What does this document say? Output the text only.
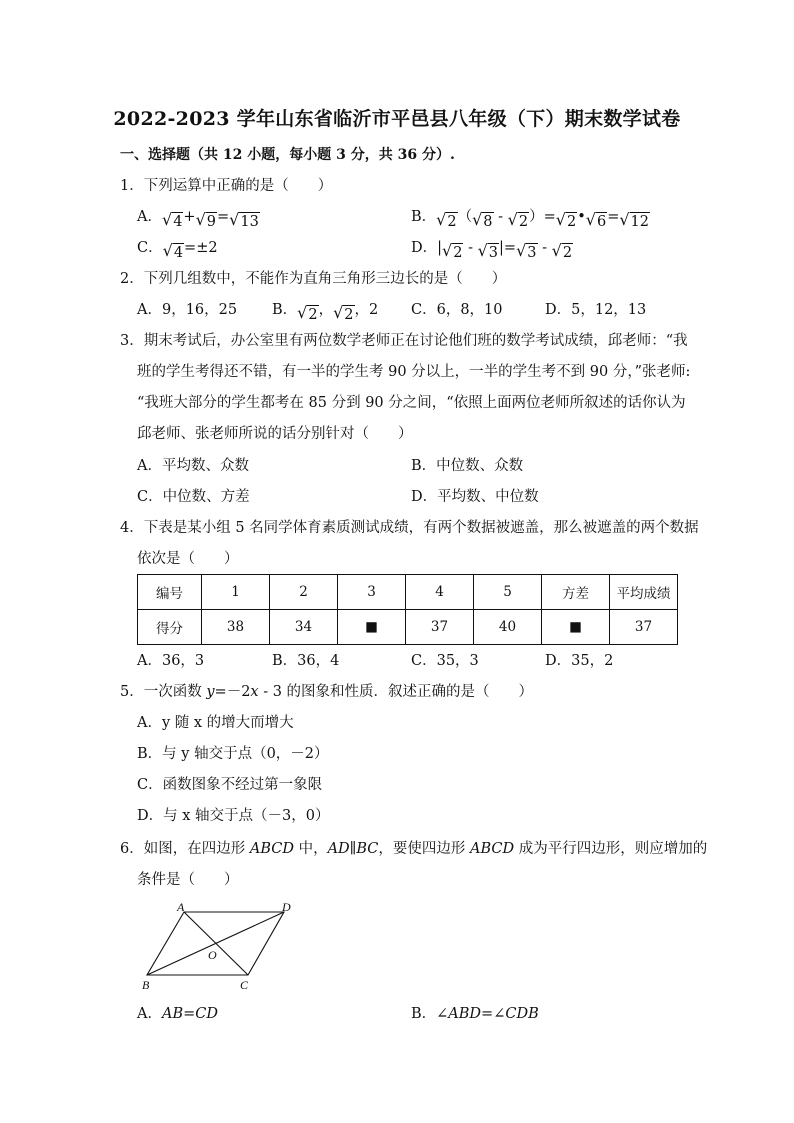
2022-2023 学年山东省临沂市平邑县八年级（下）期末数学试卷
一、选择题（共 12 小题，每小题 3 分，共 36 分）.
1．下列运算中正确的是（　　）
A． √ 4 + √ 9 = √ 13	B． √ 2 （ √ 8 - √ 2 ）= √ 2 • √ 6 = √ 12
C． √ 4 =±2	D．| √ 2 - √ 3 |= √ 3 - √ 2
2．下列几组数中，不能作为直角三角形三边长的是（　　）
A．9，16，25 B． √ 2 ， √ 2 ，2 C．6，8，10	D．5，12，13
3．期末考试后，办公室里有两位数学老师正在讨论他们班的数学考试成绩，邱老师：“我
班的学生考得还不错，有一半的学生考 90 分以上，一半的学生考不到 90 分，”张老师:
“我班大部分的学生都考在 85 分到 90 分之间，“依照上面两位老师所叙述的话你认为
邱老师、张老师所说的话分别针对（　　）
A．平均数、众数	B．中位数、众数
C．中位数、方差	D．平均数、中位数
4．下表是某小组 5 名同学体育素质测试成绩，有两个数据被遮盖，那么被遮盖的两个数据
依次是（　　）
编号	1	2	3	4	5	方差	平均成绩
得分	38	34	■	37	40	■	37
A．36，3	B．36，4	C．35，3	D．35，2
5．一次函数 y=－2x - 3 的图象和性质．叙述正确的是（　　）
A．y 随 x 的增大而增大
B．与 y 轴交于点（0，－2）
C．函数图象不经过第一象限
D．与 x 轴交于点（－3，0）
6．如图，在四边形 ABCD 中，AD∥BC，要使四边形 ABCD 成为平行四边形，则应增加的
条件是（　　）
A	D
B	C
O
A．AB=CD	B．∠ABD=∠CDB
